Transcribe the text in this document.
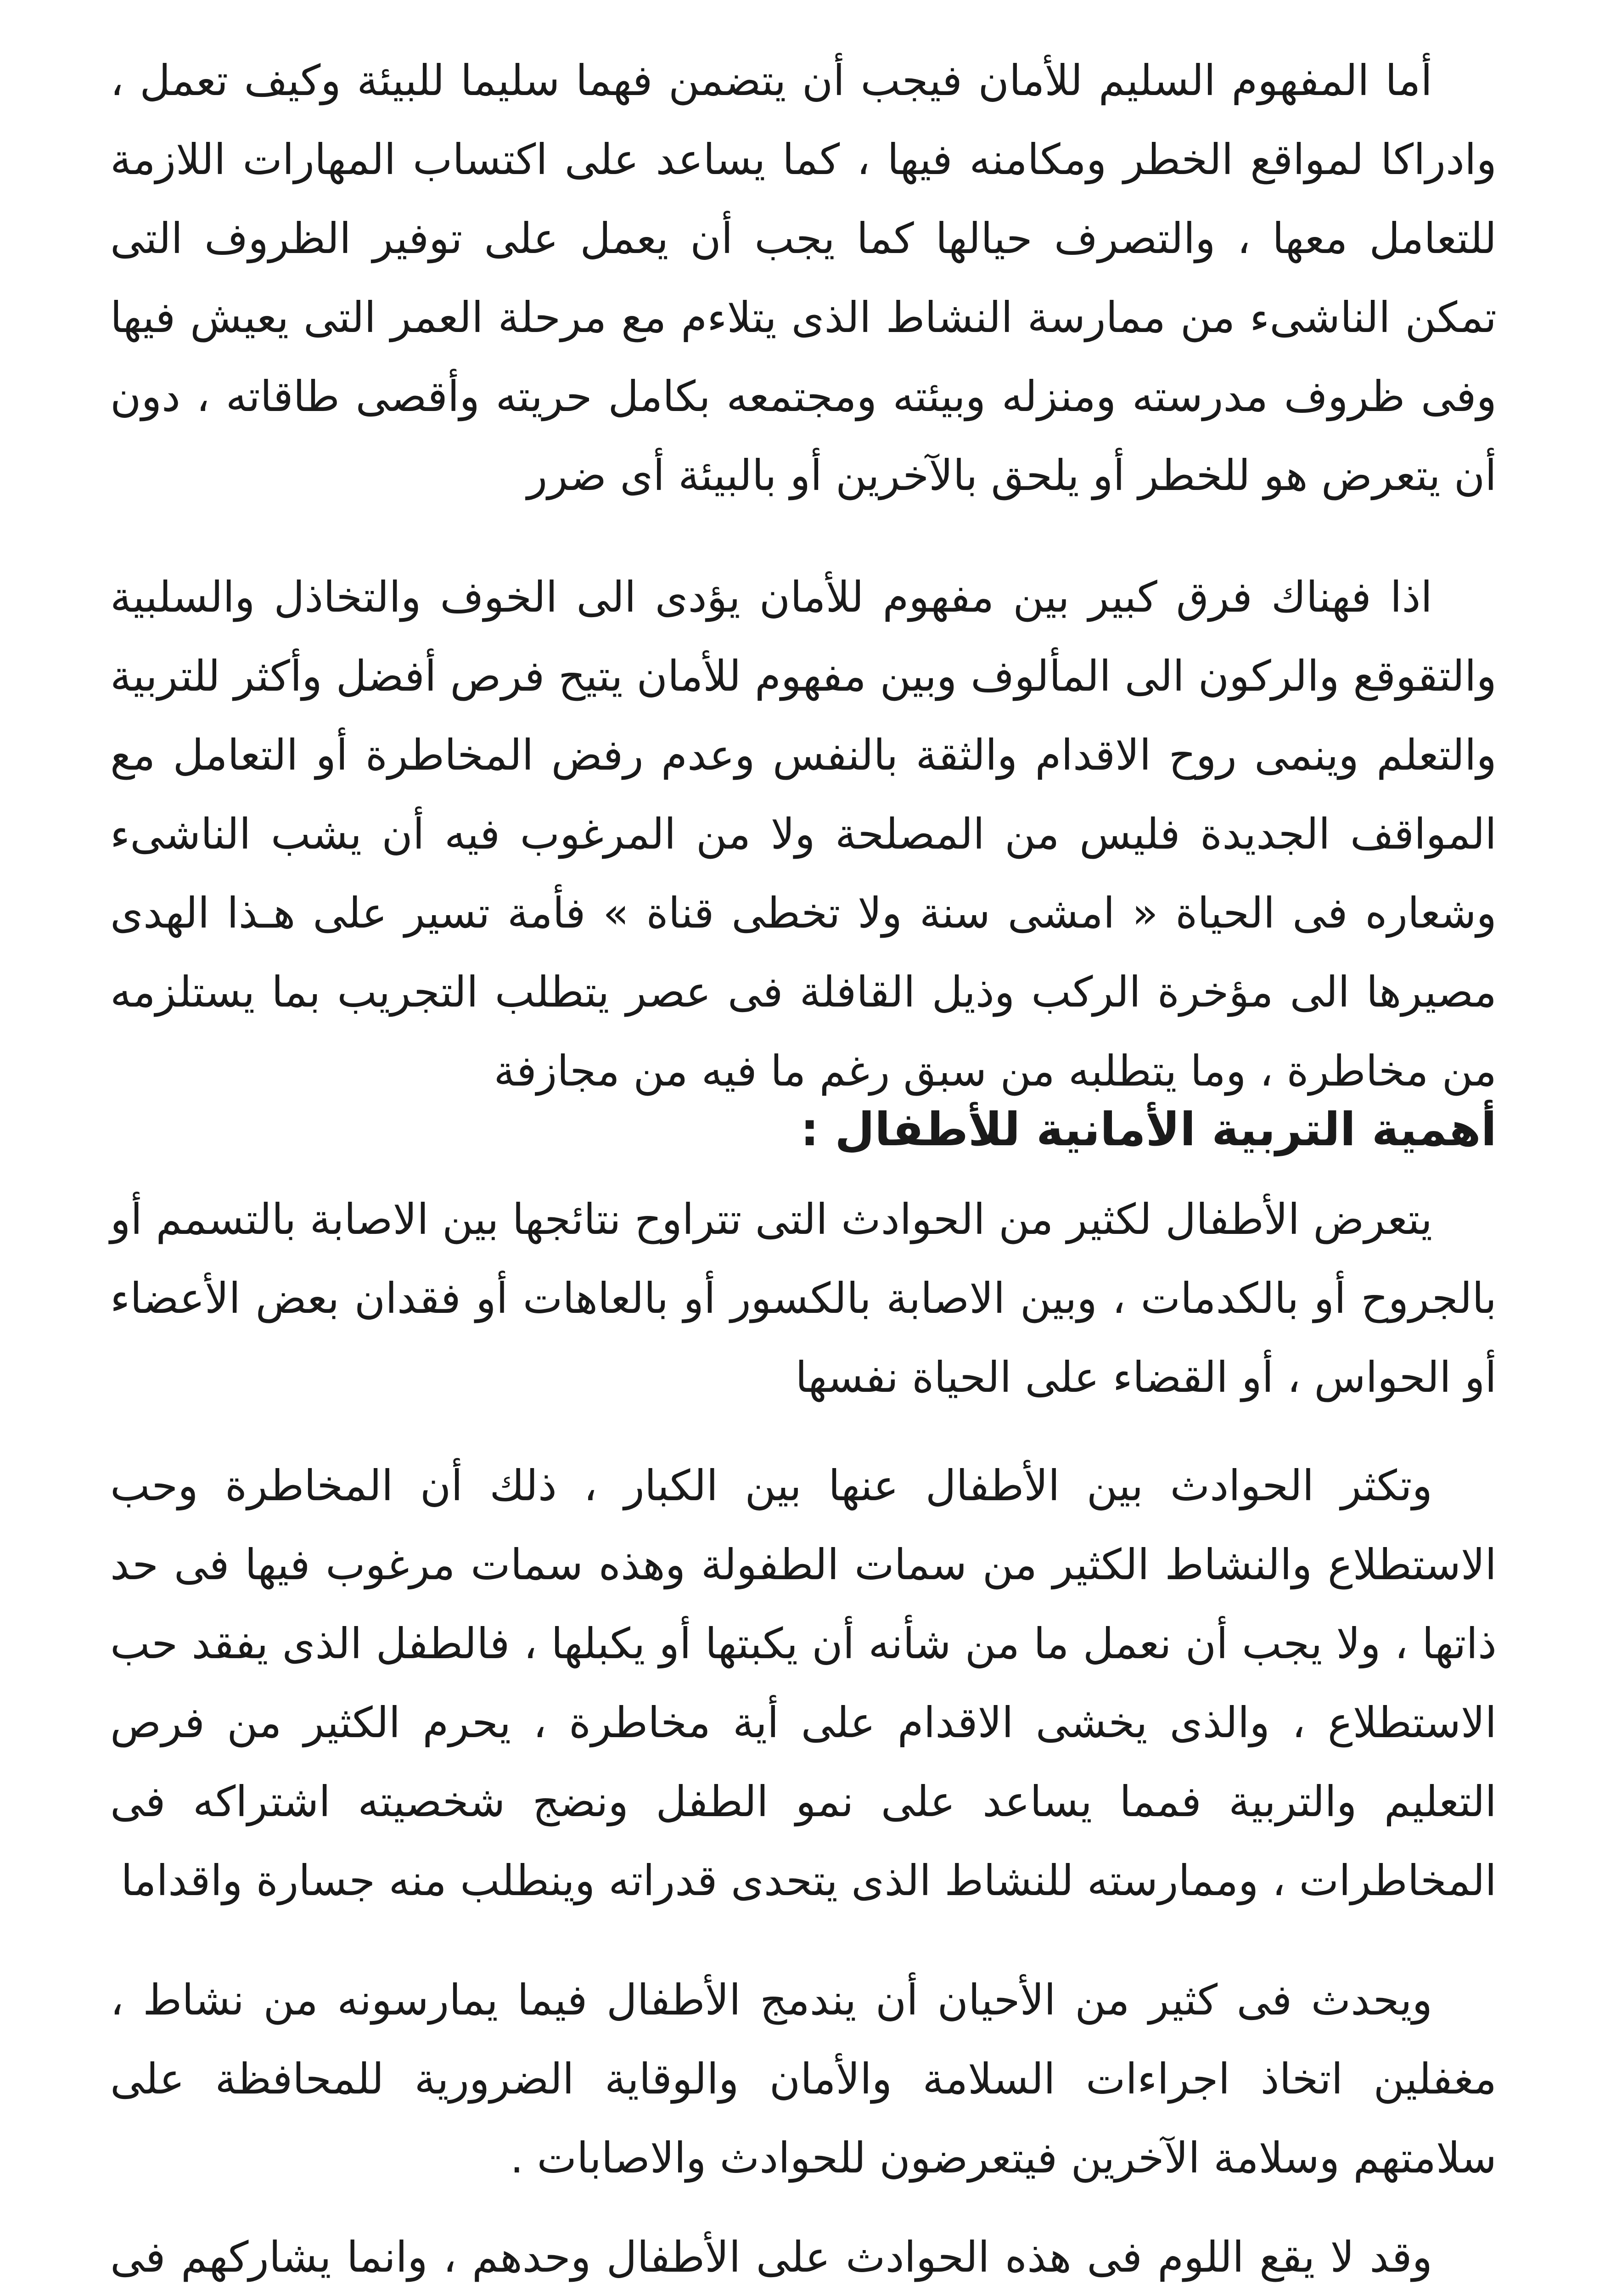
أما المفهوم السليم للأمان فيجب أن يتضمن فهما سليما للبيئة وكيف تعمل ، وادراكا لمواقع الخطر ومكامنه فيها ، كما يساعد على اكتساب المهارات اللازمة للتعامل معها ، والتصرف حيالها كما يجب أن يعمل على توفير الظروف التى تمكن الناشىء من ممارسة النشاط الذى يتلاءم مع مرحلة العمر التى يعيش فيها وفى ظروف مدرسته ومنزله وبيئته ومجتمعه بكامل حريته وأقصى طاقاته ، دون أن يتعرض هو للخطر أو يلحق بالآخرين أو بالبيئة أى ضرر

اذا فهناك فرق كبير بين مفهوم للأمان يؤدى الى الخوف والتخاذل والسلبية والتقوقع والركون الى المألوف وبين مفهوم للأمان يتيح فرص أفضل وأكثر للتربية والتعلم وينمى روح الاقدام والثقة بالنفس وعدم رفض المخاطرة أو التعامل مع المواقف الجديدة فليس من المصلحة ولا من المرغوب فيه أن يشب الناشىء وشعاره فى الحياة « امشى سنة ولا تخطى قناة » فأمة تسير على هـذا الهدى مصيرها الى مؤخرة الركب وذيل القافلة فى عصر يتطلب التجريب بما يستلزمه من مخاطرة ، وما يتطلبه من سبق رغم ما فيه من مجازفة

أهمية التربية الأمانية للأطفال :

يتعرض الأطفال لكثير من الحوادث التى تتراوح نتائجها بين الاصابة بالتسمم أو بالجروح أو بالكدمات ، وبين الاصابة بالكسور أو بالعاهات أو فقدان بعض الأعضاء أو الحواس ، أو القضاء على الحياة نفسها

وتكثر الحوادث بين الأطفال عنها بين الكبار ، ذلك أن المخاطرة وحب الاستطلاع والنشاط الكثير من سمات الطفولة وهذه سمات مرغوب فيها فى حد ذاتها ، ولا يجب أن نعمل ما من شأنه أن يكبتها أو يكبلها ، فالطفل الذى يفقد حب الاستطلاع ، والذى يخشى الاقدام على أية مخاطرة ، يحرم الكثير من فرص التعليم والتربية فمما يساعد على نمو الطفل ونضج شخصيته اشتراكه فى المخاطرات ، وممارسته للنشاط الذى يتحدى قدراته وينطلب منه جسارة واقداما

ويحدث فى كثير من الأحيان أن يندمج الأطفال فيما يمارسونه من نشاط ، مغفلين اتخاذ اجراءات السلامة والأمان والوقاية الضرورية للمحافظة على سلامتهم وسلامة الآخرين فيتعرضون للحوادث والاصابات .

وقد لا يقع اللوم فى هذه الحوادث على الأطفال وحدهم ، وانما يشاركهم فى
